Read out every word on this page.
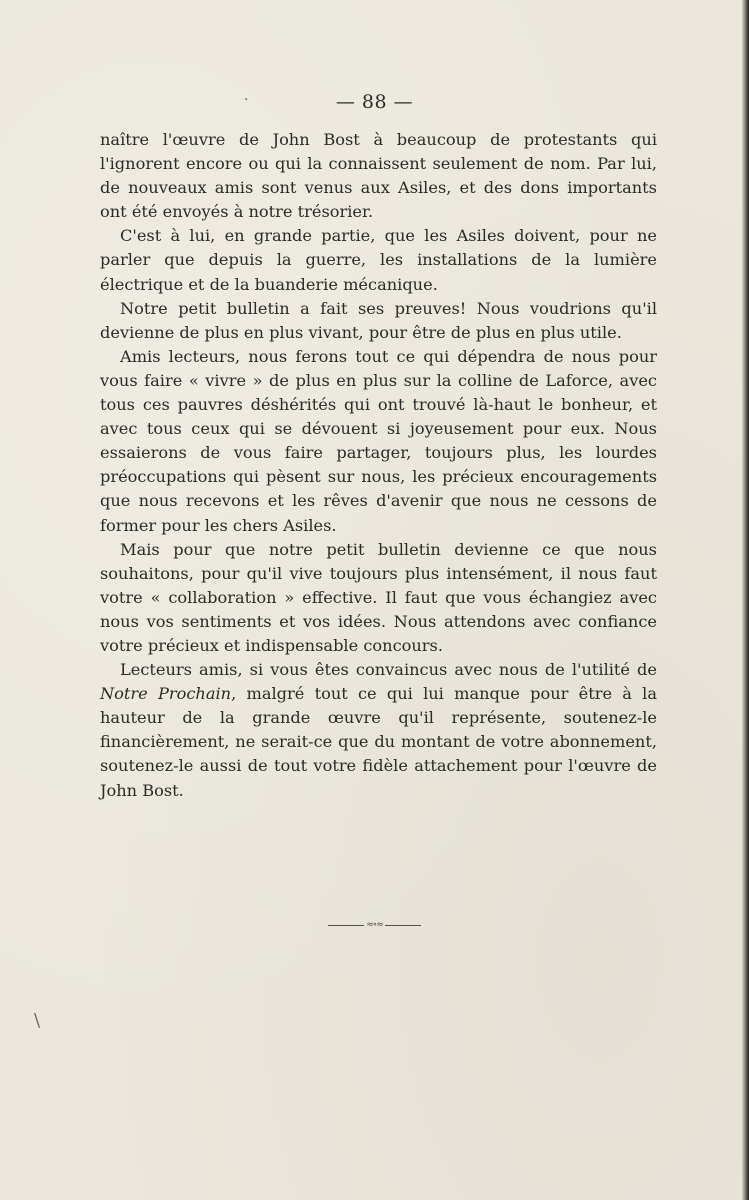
·
\
— 88 —

naître l'œuvre de John Bost à beaucoup de protestants qui l'ignorent encore ou qui la connaissent seulement de nom. Par lui, de nouveaux amis sont venus aux Asiles, et des dons importants ont été envoyés à notre trésorier.

C'est à lui, en grande partie, que les Asiles doivent, pour ne parler que depuis la guerre, les installations de la lumière électrique et de la buanderie mécanique.

Notre petit bulletin a fait ses preuves! Nous voudrions qu'il devienne de plus en plus vivant, pour être de plus en plus utile.

Amis lecteurs, nous ferons tout ce qui dépendra de nous pour vous faire « vivre » de plus en plus sur la colline de Laforce, avec tous ces pauvres déshérités qui ont trouvé là-haut le bonheur, et avec tous ceux qui se dévouent si joyeusement pour eux. Nous essaierons de vous faire partager, toujours plus, les lourdes préoccupations qui pèsent sur nous, les précieux encouragements que nous recevons et les rêves d'avenir que nous ne cessons de former pour les chers Asiles.

Mais pour que notre petit bulletin devienne ce que nous souhaitons, pour qu'il vive toujours plus intensément, il nous faut votre « collaboration » effective. Il faut que vous échangiez avec nous vos sentiments et vos idées. Nous attendons avec confiance votre précieux et indispensable concours.

Lecteurs amis, si vous êtes convaincus avec nous de l'utilité de Notre Prochain, malgré tout ce qui lui manque pour être à la hauteur de la grande œuvre qu'il représente, soutenez-le financièrement, ne serait-ce que du montant de votre abonnement, soutenez-le aussi de tout votre fidèle attachement pour l'œuvre de John Bost.

≈∘≈
